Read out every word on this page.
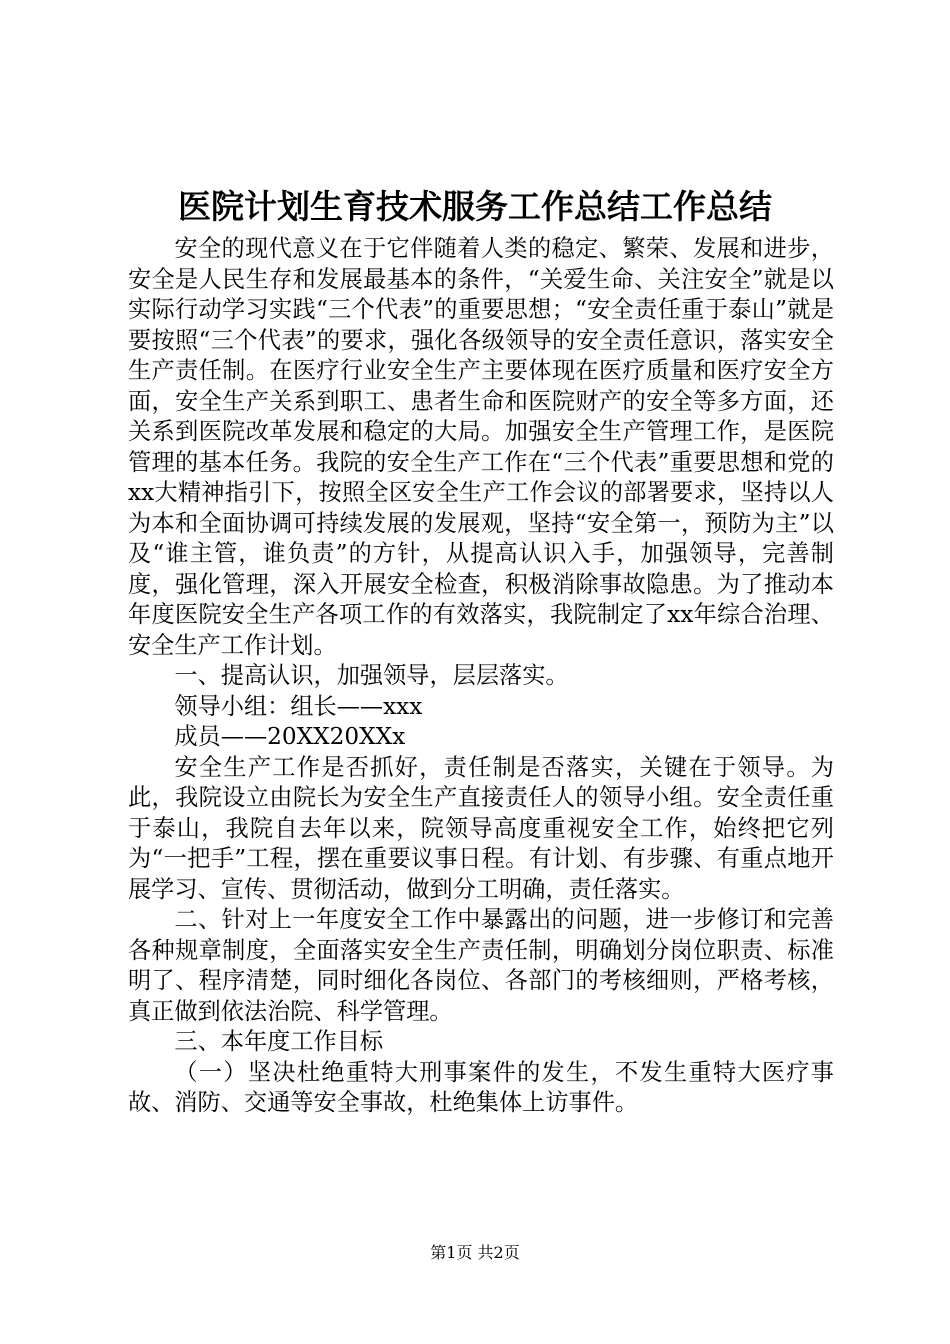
医院计划生育技术服务工作总结工作总结

安全的现代意义在于它伴随着人类的稳定、繁荣、发展和进步，安全是人民生存和发展最基本的条件，“关爱生命、关注安全”就是以实际行动学习实践“三个代表”的重要思想；“安全责任重于泰山”就是要按照“三个代表”的要求，强化各级领导的安全责任意识，落实安全生产责任制。在医疗行业安全生产主要体现在医疗质量和医疗安全方面，安全生产关系到职工、患者生命和医院财产的安全等多方面，还关系到医院改革发展和稳定的大局。加强安全生产管理工作，是医院管理的基本任务。我院的安全生产工作在“三个代表”重要思想和党的xx大精神指引下，按照全区安全生产工作会议的部署要求，坚持以人为本和全面协调可持续发展的发展观，坚持“安全第一，预防为主”以及“谁主管，谁负责”的方针，从提高认识入手，加强领导，完善制度，强化管理，深入开展安全检查，积极消除事故隐患。为了推动本年度医院安全生产各项工作的有效落实，我院制定了xx年综合治理、安全生产工作计划。

一、提高认识，加强领导，层层落实。

领导小组：组长——xxx

成员——20XX20XXx

安全生产工作是否抓好，责任制是否落实，关键在于领导。为此，我院设立由院长为安全生产直接责任人的领导小组。安全责任重于泰山，我院自去年以来，院领导高度重视安全工作，始终把它列为“一把手”工程，摆在重要议事日程。有计划、有步骤、有重点地开展学习、宣传、贯彻活动，做到分工明确，责任落实。

二、针对上一年度安全工作中暴露出的问题，进一步修订和完善各种规章制度，全面落实安全生产责任制，明确划分岗位职责、标准明了、程序清楚，同时细化各岗位、各部门的考核细则，严格考核，真正做到依法治院、科学管理。

三、本年度工作目标

（一）坚决杜绝重特大刑事案件的发生，不发生重特大医疗事故、消防、交通等安全事故，杜绝集体上访事件。

第1页 共2页
